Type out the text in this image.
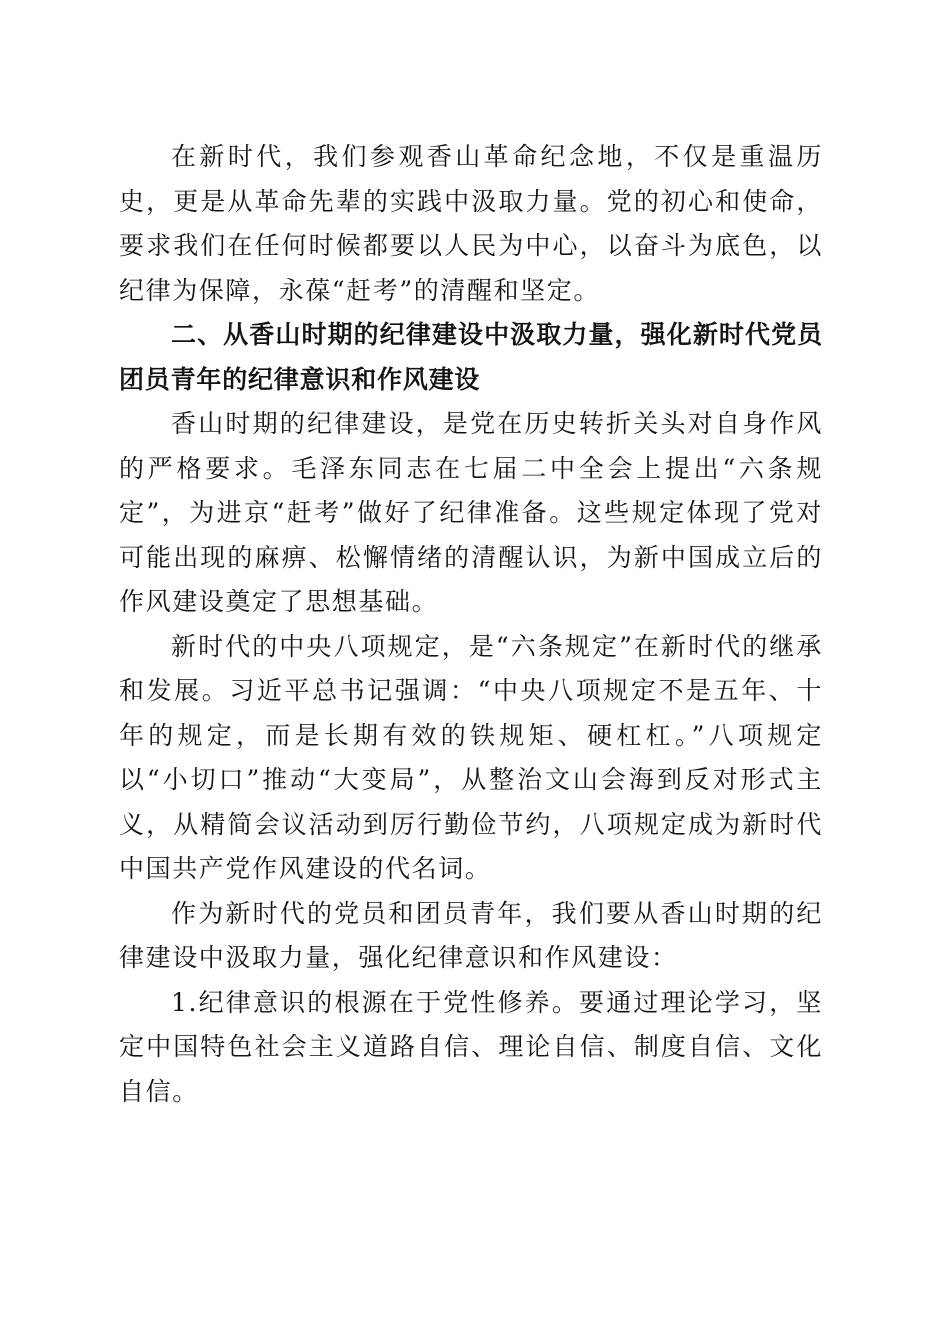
在新时代，我们参观香山革命纪念地，不仅是重温历史，更是从革命先辈的实践中汲取力量。党的初心和使命，要求我们在任何时候都要以人民为中心，以奋斗为底色，以纪律为保障，永葆“赶考”的清醒和坚定。

二、从香山时期的纪律建设中汲取力量，强化新时代党员团员青年的纪律意识和作风建设

香山时期的纪律建设，是党在历史转折关头对自身作风的严格要求。毛泽东同志在七届二中全会上提出“六条规定”，为进京“赶考”做好了纪律准备。这些规定体现了党对可能出现的麻痹、松懈情绪的清醒认识，为新中国成立后的作风建设奠定了思想基础。

新时代的中央八项规定，是“六条规定”在新时代的继承和发展。习近平总书记强调：“中央八项规定不是五年、十年的规定，而是长期有效的铁规矩、硬杠杠。”八项规定以“小切口”推动“大变局”，从整治文山会海到反对形式主义，从精简会议活动到厉行勤俭节约，八项规定成为新时代中国共产党作风建设的代名词。

作为新时代的党员和团员青年，我们要从香山时期的纪律建设中汲取力量，强化纪律意识和作风建设：

1.纪律意识的根源在于党性修养。要通过理论学习，坚定中国特色社会主义道路自信、理论自信、制度自信、文化自信。
